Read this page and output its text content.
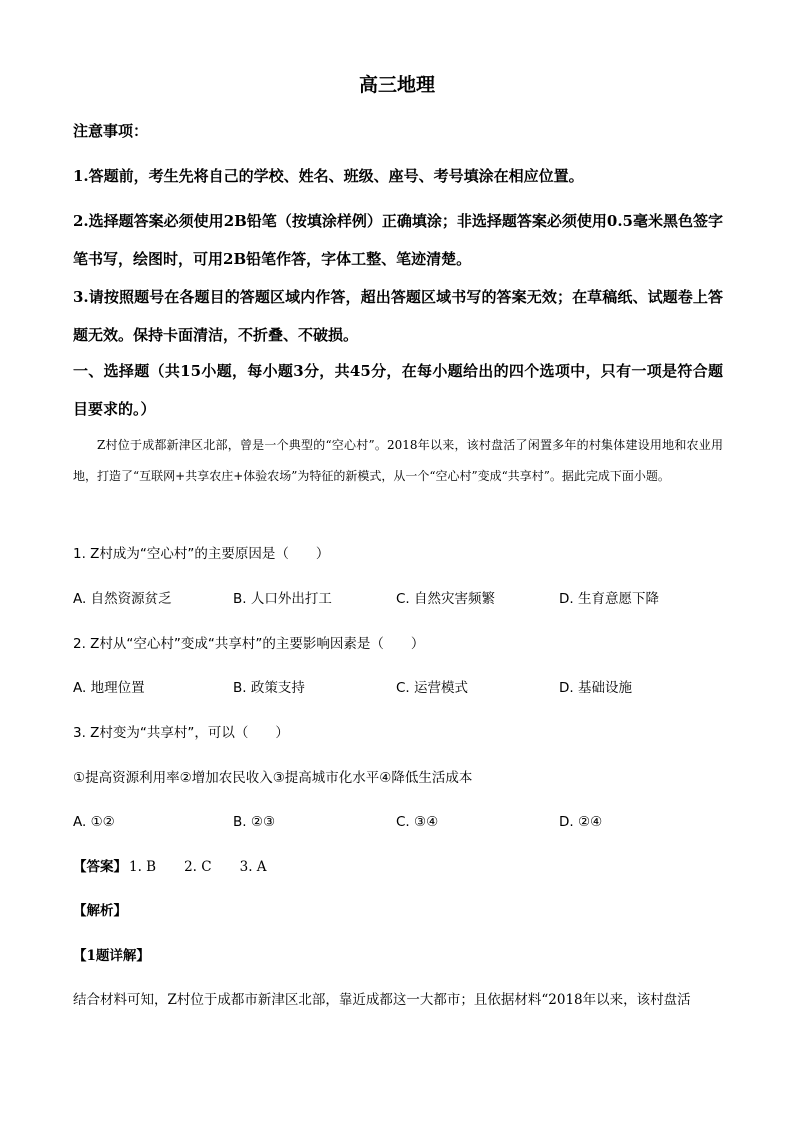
高三地理
注意事项：
1.答题前，考生先将自己的学校、姓名、班级、座号、考号填涂在相应位置。
2.选择题答案必须使用2B铅笔（按填涂样例）正确填涂；非选择题答案必须使用0.5毫米黑色签字笔书写，绘图时，可用2B铅笔作答，字体工整、笔迹清楚。
3.请按照题号在各题目的答题区域内作答，超出答题区域书写的答案无效；在草稿纸、试题卷上答题无效。保持卡面清洁，不折叠、不破损。
一、选择题（共15小题，每小题3分，共45分，在每小题给出的四个选项中，只有一项是符合题目要求的。）
Z村位于成都新津区北部，曾是一个典型的“空心村”。2018年以来，该村盘活了闲置多年的村集体建设用地和农业用地，打造了“互联网+共享农庄+体验农场”为特征的新模式，从一个“空心村”变成“共享村”。据此完成下面小题。
1. Z村成为“空心村”的主要原因是（　　）
A. 自然资源贫乏	B. 人口外出打工	C. 自然灾害频繁	D. 生育意愿下降
2. Z村从“空心村”变成“共享村”的主要影响因素是（　　）
A. 地理位置	B. 政策支持	C. 运营模式	D. 基础设施
3. Z村变为“共享村”，可以（　　）
①提高资源利用率②增加农民收入③提高城市化水平④降低生活成本
A. ①②	B. ②③	C. ③④	D. ②④
【答案】 1. B 2. C 3. A
【解析】
【1题详解】
结合材料可知，Z村位于成都市新津区北部，靠近成都这一大都市；且依据材料“2018年以来，该村盘活
